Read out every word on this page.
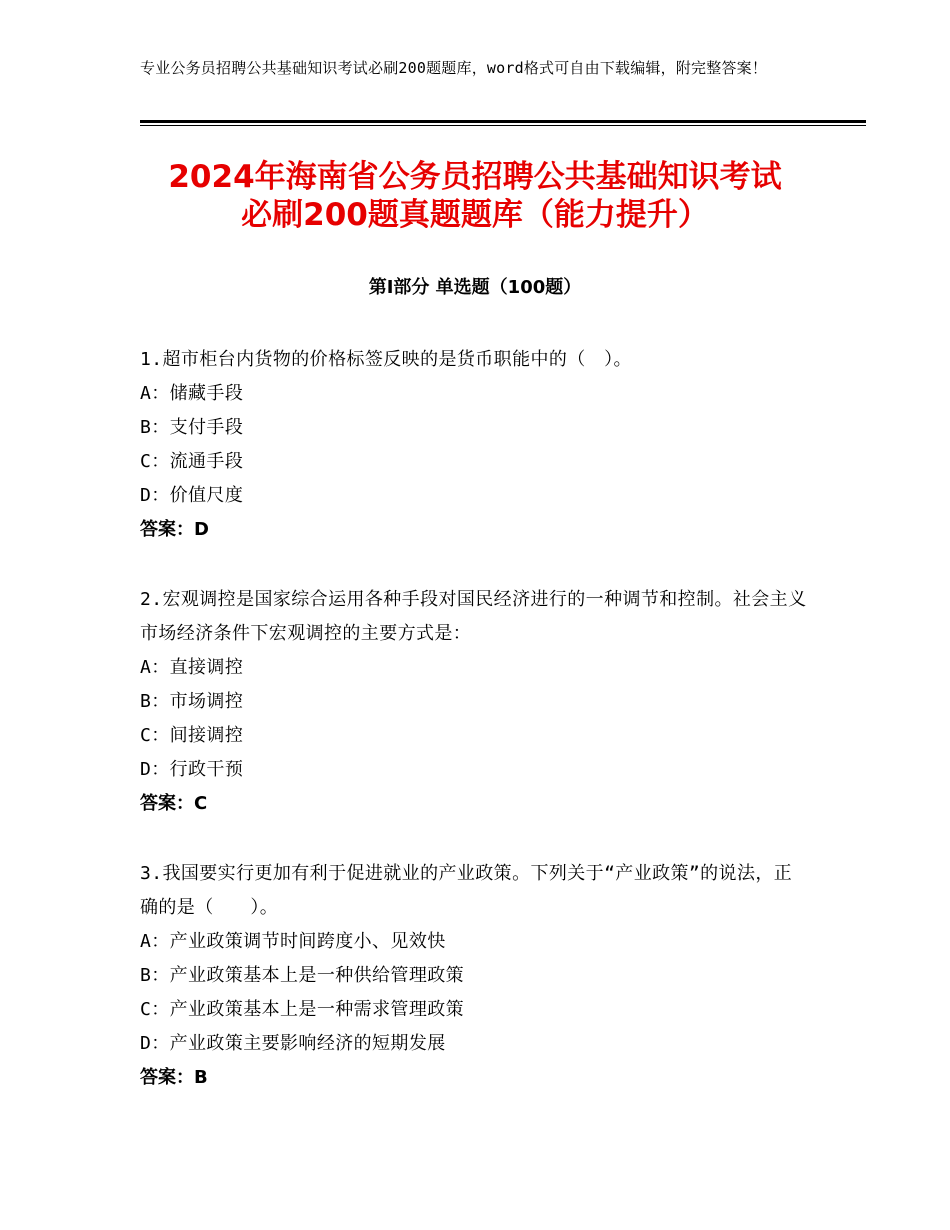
专业公务员招聘公共基础知识考试必刷200题题库，word格式可自由下载编辑，附完整答案！
2024年海南省公务员招聘公共基础知识考试
必刷200题真题题库（能力提升）
第Ⅰ部分 单选题（100题）
1.超市柜台内货物的价格标签反映的是货币职能中的（　）。
A：储藏手段
B：支付手段
C：流通手段
D：价值尺度
答案：D
2.宏观调控是国家综合运用各种手段对国民经济进行的一种调节和控制。社会主义市场经济条件下宏观调控的主要方式是：
A：直接调控
B：市场调控
C：间接调控
D：行政干预
答案：C
3.我国要实行更加有利于促进就业的产业政策。下列关于“产业政策”的说法，正确的是（　　）。
A：产业政策调节时间跨度小、见效快
B：产业政策基本上是一种供给管理政策
C：产业政策基本上是一种需求管理政策
D：产业政策主要影响经济的短期发展
答案：B
